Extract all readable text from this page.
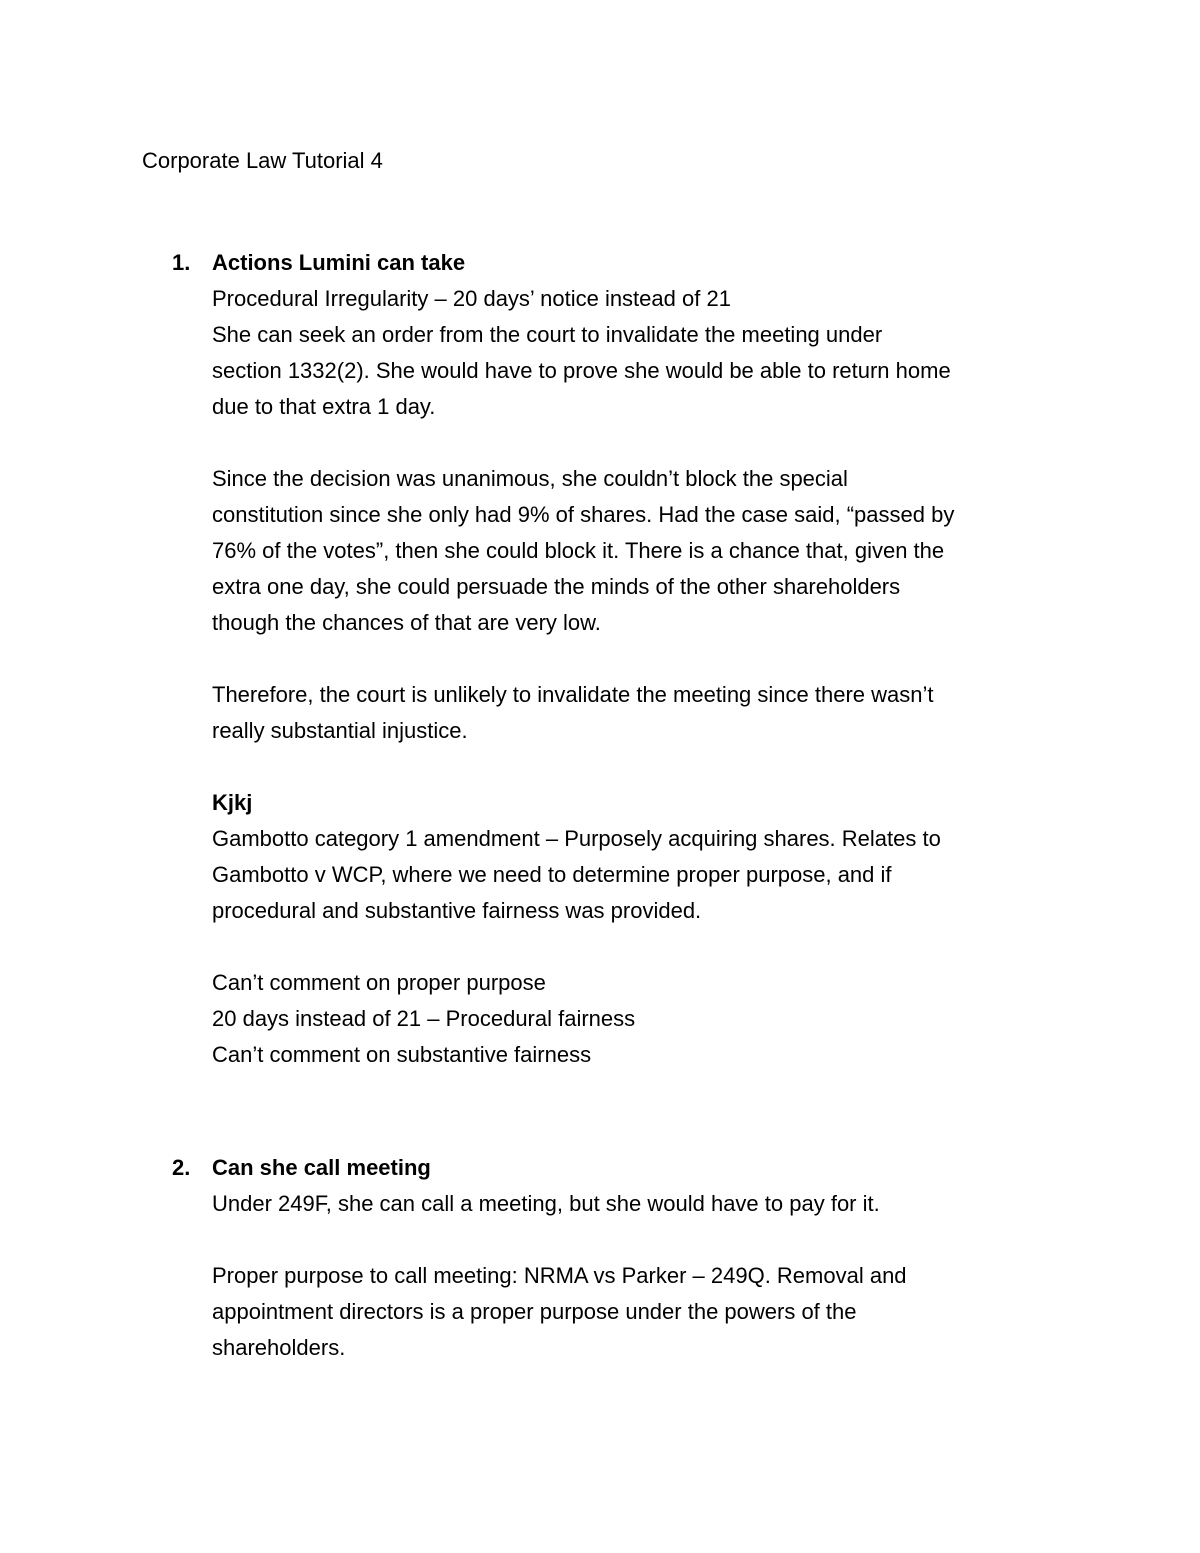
Corporate Law Tutorial 4
1. Actions Lumini can take
Procedural Irregularity – 20 days’ notice instead of 21
She can seek an order from the court to invalidate the meeting under
section 1332(2). She would have to prove she would be able to return home
due to that extra 1 day.
Since the decision was unanimous, she couldn’t block the special
constitution since she only had 9% of shares. Had the case said, “passed by
76% of the votes”, then she could block it. There is a chance that, given the
extra one day, she could persuade the minds of the other shareholders
though the chances of that are very low.
Therefore, the court is unlikely to invalidate the meeting since there wasn’t
really substantial injustice.
Kjkj
Gambotto category 1 amendment – Purposely acquiring shares. Relates to
Gambotto v WCP, where we need to determine proper purpose, and if
procedural and substantive fairness was provided.
Can’t comment on proper purpose
20 days instead of 21 – Procedural fairness
Can’t comment on substantive fairness
2. Can she call meeting
Under 249F, she can call a meeting, but she would have to pay for it.
Proper purpose to call meeting: NRMA vs Parker – 249Q. Removal and
appointment directors is a proper purpose under the powers of the
shareholders.
